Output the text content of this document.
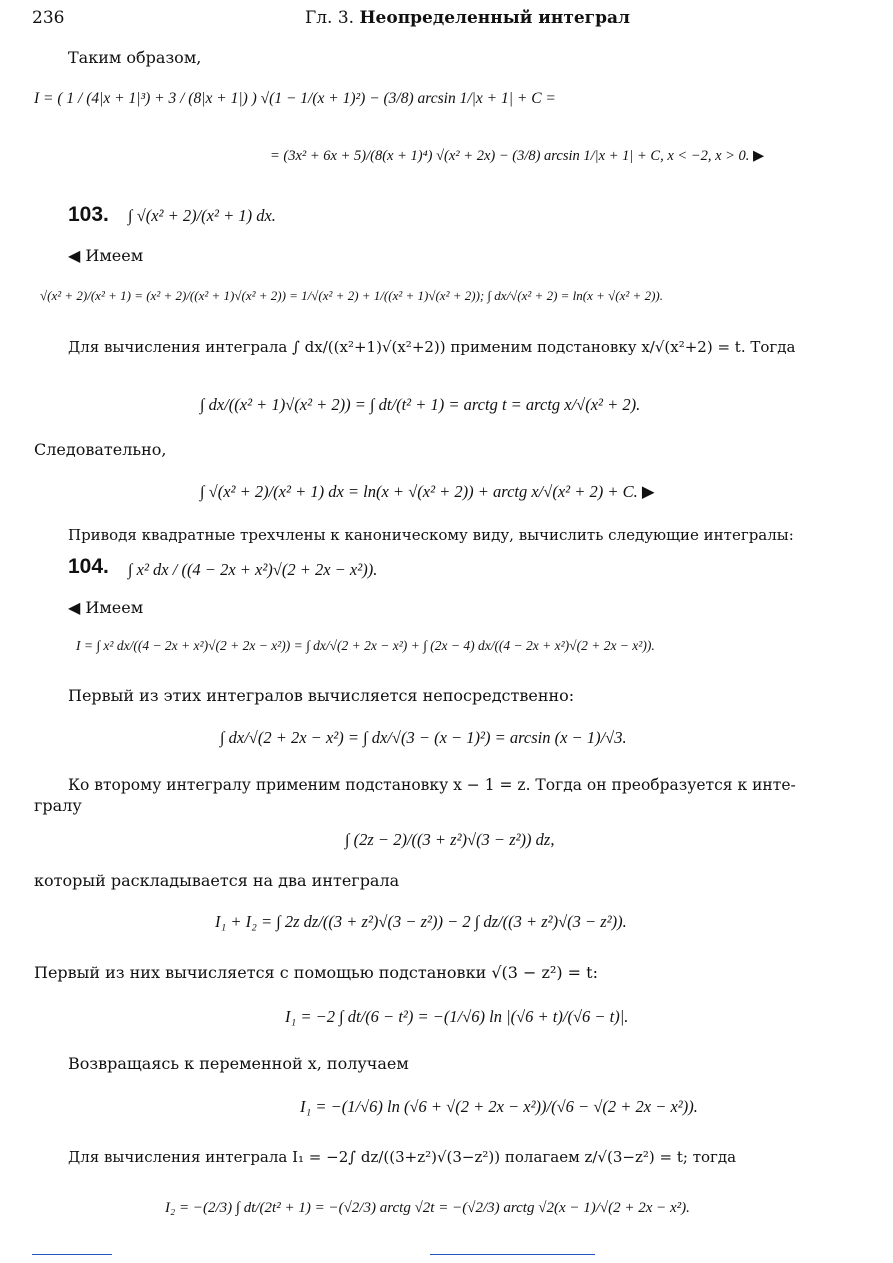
236	Гл. 3. Неопределенный интеграл
Таким образом,
I = ( 1 / (4|x + 1|³) + 3 / (8|x + 1|) ) √(1 − 1/(x + 1)²) − (3/8) arcsin 1/|x + 1| + C =
= (3x² + 6x + 5)/(8(x + 1)⁴) √(x² + 2x) − (3/8) arcsin 1/|x + 1| + C, x < −2, x > 0. ▶
103. ∫ √(x² + 2)/(x² + 1) dx.
◀ Имеем
√(x² + 2)/(x² + 1) = (x² + 2)/((x² + 1)√(x² + 2)) = 1/√(x² + 2) + 1/((x² + 1)√(x² + 2)); ∫ dx/√(x² + 2) = ln(x + √(x² + 2)).
Для вычисления интеграла ∫ dx/((x²+1)√(x²+2)) применим подстановку x/√(x²+2) = t. Тогда
∫ dx/((x² + 1)√(x² + 2)) = ∫ dt/(t² + 1) = arctg t = arctg x/√(x² + 2).
Следовательно,
∫ √(x² + 2)/(x² + 1) dx = ln(x + √(x² + 2)) + arctg x/√(x² + 2) + C. ▶
Приводя квадратные трехчлены к каноническому виду, вычислить следующие интегралы:
104. ∫ x² dx / ((4 − 2x + x²)√(2 + 2x − x²)).
◀ Имеем
I = ∫ x² dx/((4 − 2x + x²)√(2 + 2x − x²)) = ∫ dx/√(2 + 2x − x²) + ∫ (2x − 4) dx/((4 − 2x + x²)√(2 + 2x − x²)).
Первый из этих интегралов вычисляется непосредственно:
∫ dx/√(2 + 2x − x²) = ∫ dx/√(3 − (x − 1)²) = arcsin (x − 1)/√3.
Ко второму интегралу применим подстановку x − 1 = z. Тогда он преобразуется к инте-
гралу
∫ (2z − 2)/((3 + z²)√(3 − z²)) dz,
который раскладывается на два интеграла
I₁ + I₂ = ∫ 2z dz/((3 + z²)√(3 − z²)) − 2 ∫ dz/((3 + z²)√(3 − z²)).
Первый из них вычисляется с помощью подстановки √(3 − z²) = t:
I₁ = −2 ∫ dt/(6 − t²) = −(1/√6) ln |(√6 + t)/(√6 − t)|.
Возвращаясь к переменной x, получаем
I₁ = −(1/√6) ln (√6 + √(2 + 2x − x²))/(√6 − √(2 + 2x − x²)).
Для вычисления интеграла I₁ = −2∫ dz/((3+z²)√(3−z²)) полагаем z/√(3−z²) = t; тогда
I₂ = −(2/3) ∫ dt/(2t² + 1) = −(√2/3) arctg √2t = −(√2/3) arctg √2(x − 1)/√(2 + 2x − x²).
